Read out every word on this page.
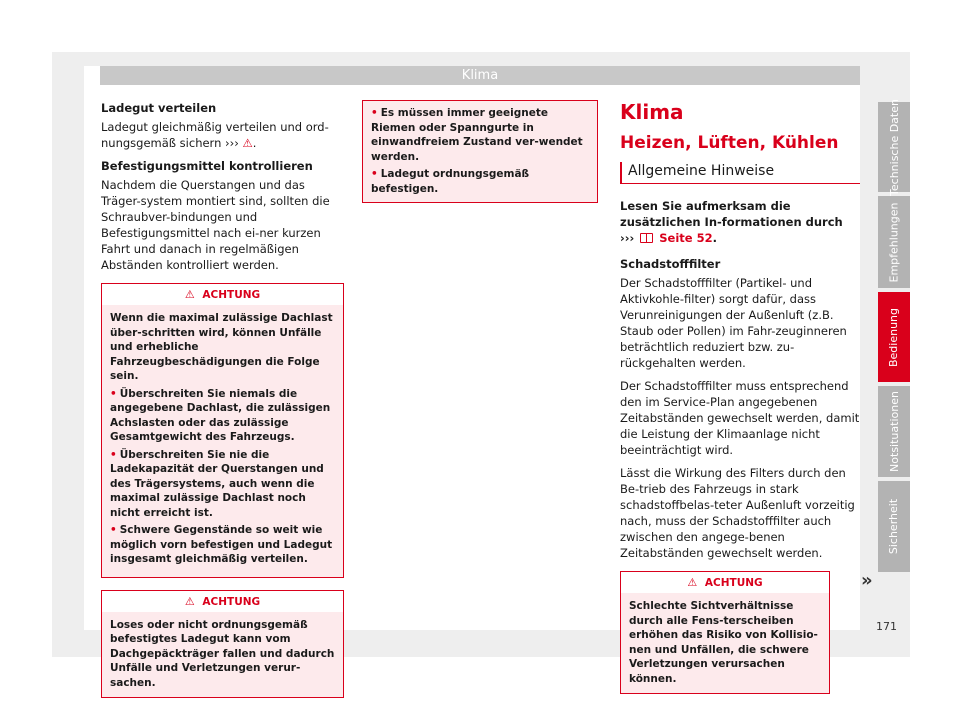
Klima
Ladegut verteilen
Ladegut gleichmäßig verteilen und ord-nungsgemäß sichern ››› ⚠.
Befestigungsmittel kontrollieren
Nachdem die Querstangen und das Träger-system montiert sind, sollten die Schraubver-bindungen und Befestigungsmittel nach ei-ner kurzen Fahrt und danach in regelmäßigen Abständen kontrolliert werden.
⚠ ACHTUNG
Wenn die maximal zulässige Dachlast über-schritten wird, können Unfälle und erhebliche Fahrzeugbeschädigungen die Folge sein.
• Überschreiten Sie niemals die angegebene Dachlast, die zulässigen Achslasten oder das zulässige Gesamtgewicht des Fahrzeugs.
• Überschreiten Sie nie die Ladekapazität der Querstangen und des Trägersystems, auch wenn die maximal zulässige Dachlast noch nicht erreicht ist.
• Schwere Gegenstände so weit wie möglich vorn befestigen und Ladegut insgesamt gleichmäßig verteilen.
⚠ ACHTUNG
Loses oder nicht ordnungsgemäß befestigtes Ladegut kann vom Dachgepäckträger fallen und dadurch Unfälle und Verletzungen verur-sachen.
• Es müssen immer geeignete Riemen oder Spanngurte in einwandfreiem Zustand ver-wendet werden.
• Ladegut ordnungsgemäß befestigen.
Klima
Heizen, Lüften, Kühlen
Allgemeine Hinweise
Lesen Sie aufmerksam die zusätzlichen In-formationen durch ››› Seite 52.
Schadstofffilter
Der Schadstofffilter (Partikel- und Aktivkohle-filter) sorgt dafür, dass Verunreinigungen der Außenluft (z.B. Staub oder Pollen) im Fahr-zeuginneren beträchtlich reduziert bzw. zu-rückgehalten werden.
Der Schadstofffilter muss entsprechend den im Service-Plan angegebenen Zeitabständen gewechselt werden, damit die Leistung der Klimaanlage nicht beeinträchtigt wird.
Lässt die Wirkung des Filters durch den Be-trieb des Fahrzeugs in stark schadstoffbelas-teter Außenluft vorzeitig nach, muss der Schadstofffilter auch zwischen den angege-benen Zeitabständen gewechselt werden.
⚠ ACHTUNG
Schlechte Sichtverhältnisse durch alle Fens-terscheiben erhöhen das Risiko von Kollisio-nen und Unfällen, die schwere Verletzungen verursachen können.
»
Technische Daten
Empfehlungen
Bedienung
Notsituationen
Sicherheit
171
